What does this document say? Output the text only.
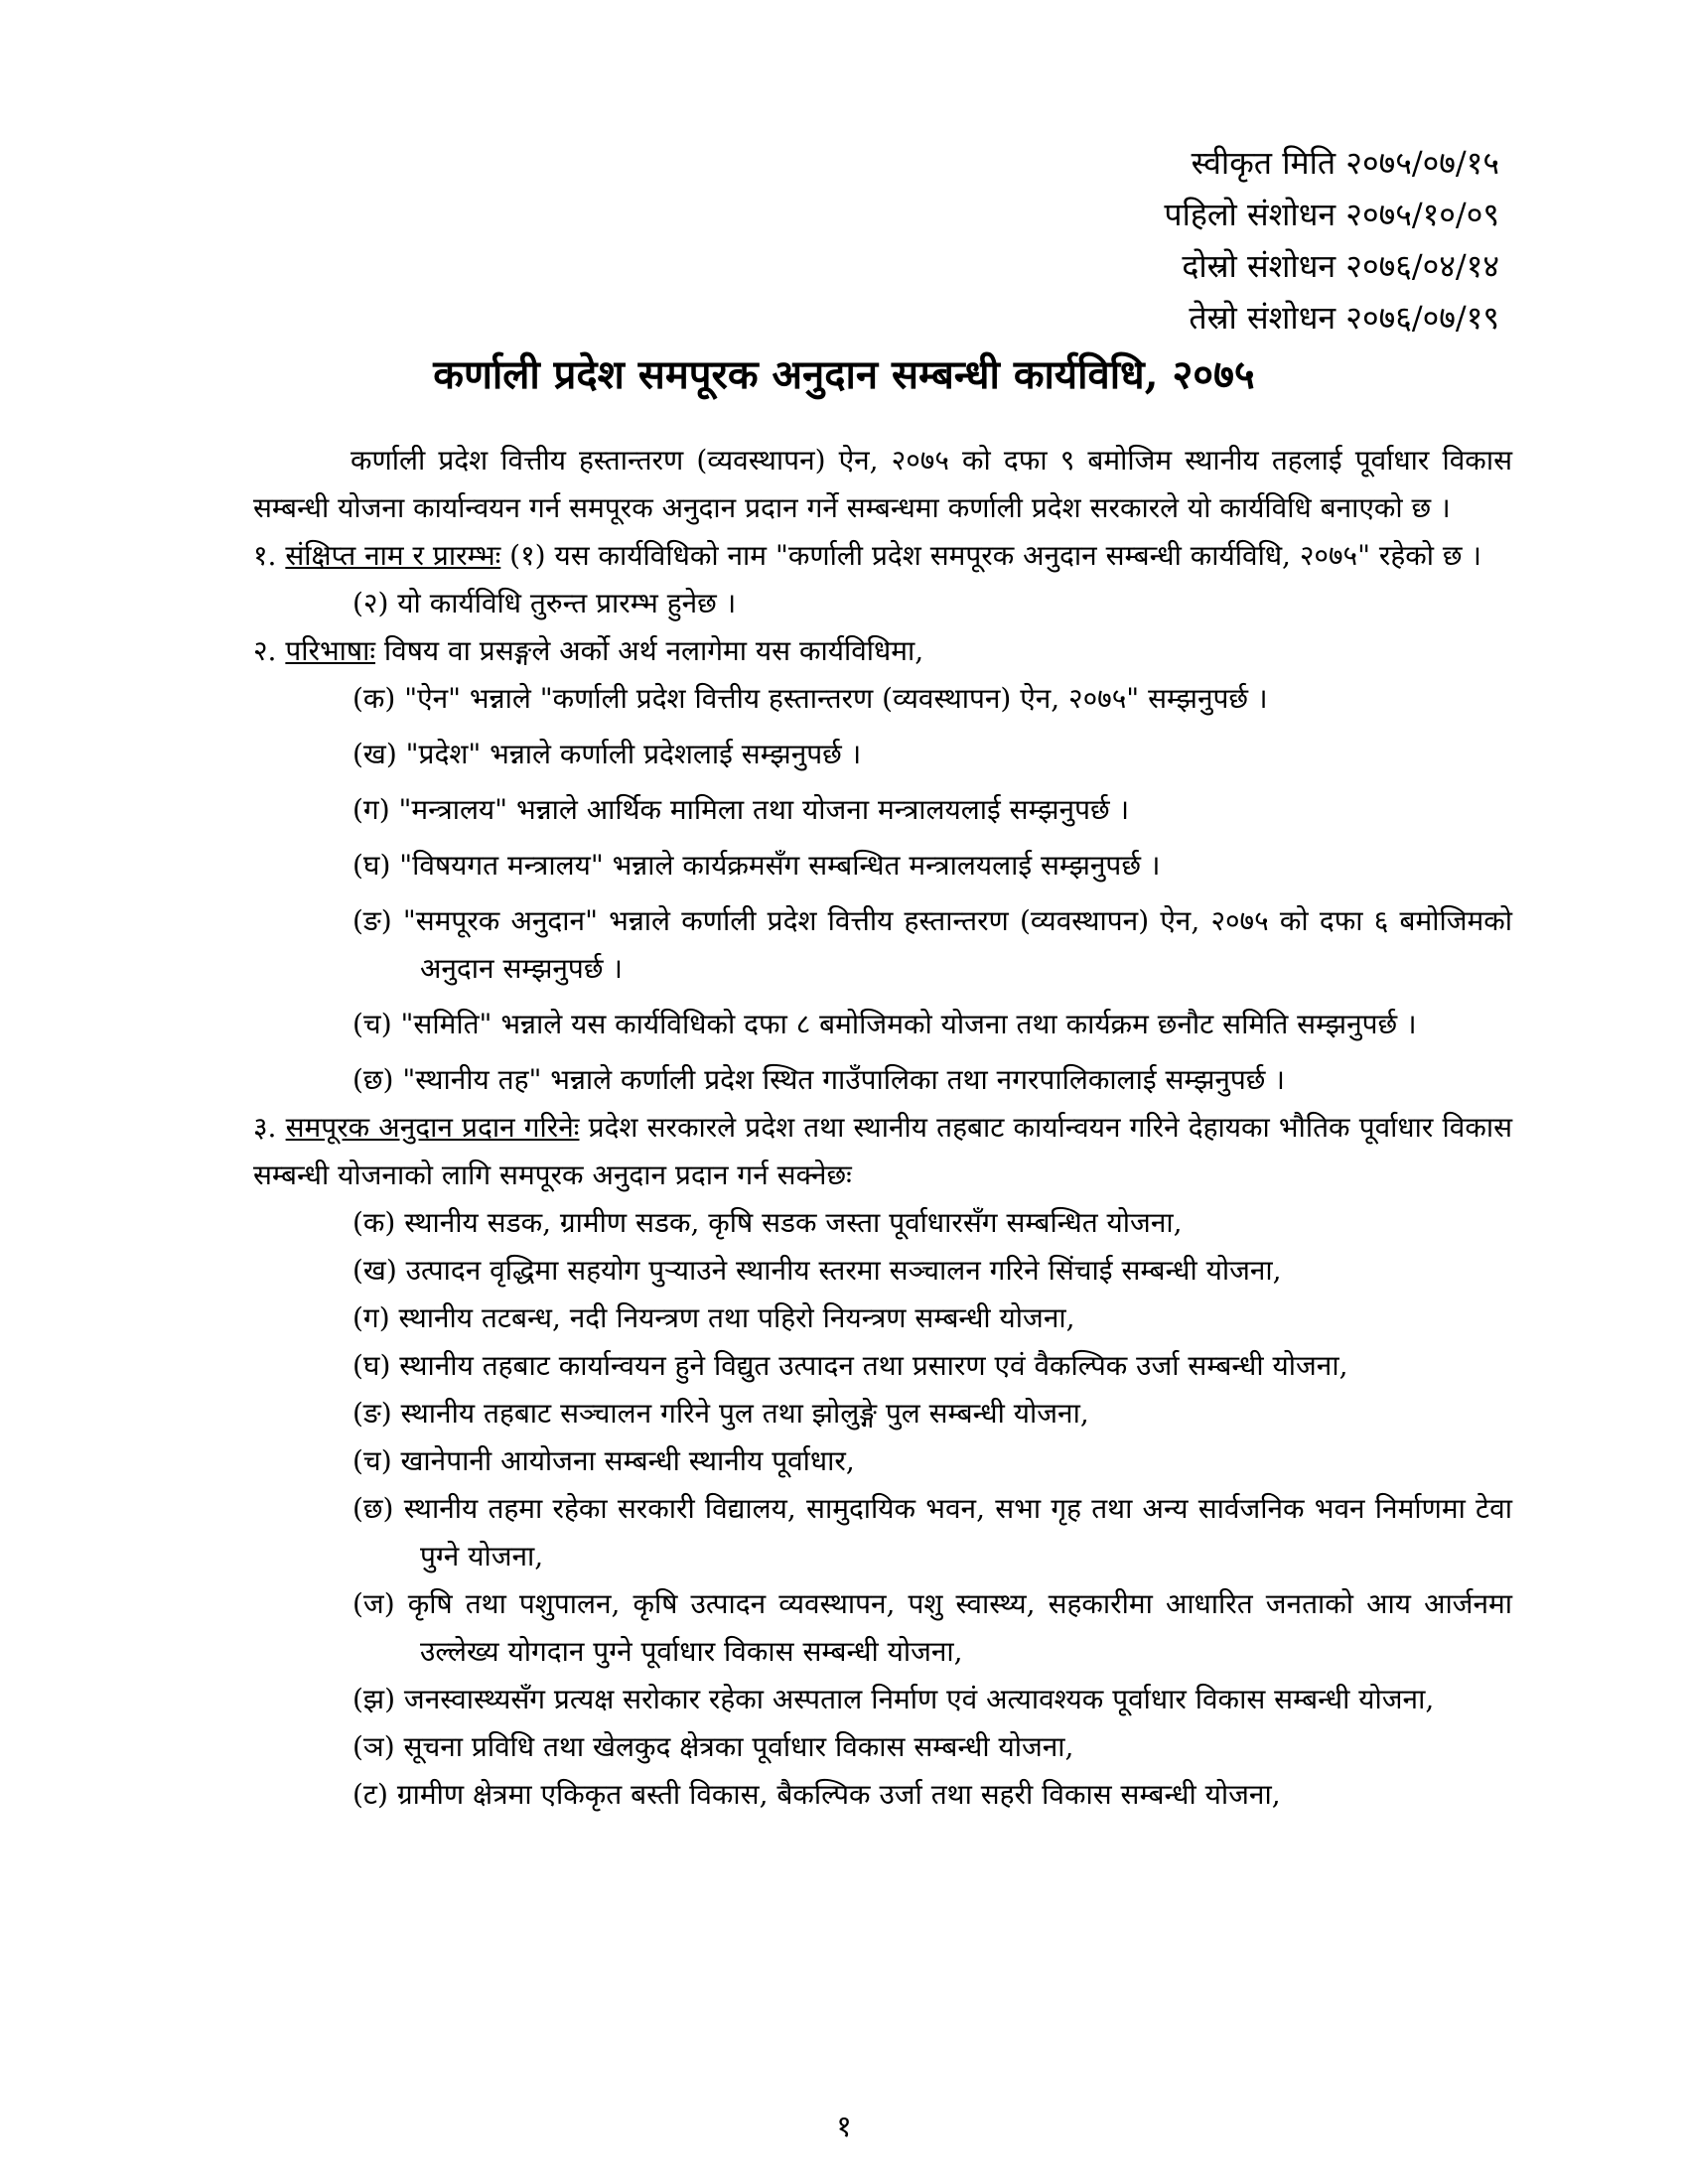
स्वीकृत मिति २०७५/०७/१५
पहिलो संशोधन २०७५/१०/०९
दोस्रो संशोधन २०७६/०४/१४
तेस्रो संशोधन २०७६/०७/१९
कर्णाली प्रदेश समपूरक अनुदान सम्बन्धी कार्यविधि, २०७५

कर्णाली प्रदेश वित्तीय हस्तान्तरण (व्यवस्थापन) ऐन, २०७५ को दफा ९ बमोजिम स्थानीय तहलाई पूर्वाधार विकास सम्बन्धी योजना कार्यान्वयन गर्न समपूरक अनुदान प्रदान गर्ने सम्बन्धमा कर्णाली प्रदेश सरकारले यो कार्यविधि बनाएको छ ।

१. संक्षिप्त नाम र प्रारम्भः (१) यस कार्यविधिको नाम "कर्णाली प्रदेश समपूरक अनुदान सम्बन्धी कार्यविधि, २०७५" रहेको छ ।

(२) यो कार्यविधि तुरुन्त प्रारम्भ हुनेछ ।

२. परिभाषाः विषय वा प्रसङ्गले अर्को अर्थ नलागेमा यस कार्यविधिमा,

(क) "ऐन" भन्नाले "कर्णाली प्रदेश वित्तीय हस्तान्तरण (व्यवस्थापन) ऐन, २०७५" सम्झनुपर्छ ।

(ख) "प्रदेश" भन्नाले कर्णाली प्रदेशलाई सम्झनुपर्छ ।

(ग) "मन्त्रालय" भन्नाले आर्थिक मामिला तथा योजना मन्त्रालयलाई सम्झनुपर्छ ।

(घ) "विषयगत मन्त्रालय" भन्नाले कार्यक्रमसँग सम्बन्धित मन्त्रालयलाई सम्झनुपर्छ ।

(ङ) "समपूरक अनुदान" भन्नाले कर्णाली प्रदेश वित्तीय हस्तान्तरण (व्यवस्थापन) ऐन, २०७५ को दफा ६ बमोजिमको अनुदान सम्झनुपर्छ ।

(च) "समिति" भन्नाले यस कार्यविधिको दफा ८ बमोजिमको योजना तथा कार्यक्रम छनौट समिति सम्झनुपर्छ ।

(छ) "स्थानीय तह" भन्नाले कर्णाली प्रदेश स्थित गाउँपालिका तथा नगरपालिकालाई सम्झनुपर्छ ।

३. समपूरक अनुदान प्रदान गरिनेः प्रदेश सरकारले प्रदेश तथा स्थानीय तहबाट कार्यान्वयन गरिने देहायका भौतिक पूर्वाधार विकास सम्बन्धी योजनाको लागि समपूरक अनुदान प्रदान गर्न सक्नेछः

(क) स्थानीय सडक, ग्रामीण सडक, कृषि सडक जस्ता पूर्वाधारसँग सम्बन्धित योजना,

(ख) उत्पादन वृद्धिमा सहयोग पुर्‍याउने स्थानीय स्तरमा सञ्चालन गरिने सिंचाई सम्बन्धी योजना,

(ग) स्थानीय तटबन्ध, नदी नियन्त्रण तथा पहिरो नियन्त्रण सम्बन्धी योजना,

(घ) स्थानीय तहबाट कार्यान्वयन हुने विद्युत उत्पादन तथा प्रसारण एवं वैकल्पिक उर्जा सम्बन्धी योजना,

(ङ) स्थानीय तहबाट सञ्चालन गरिने पुल तथा झोलुङ्गे पुल सम्बन्धी योजना,

(च) खानेपानी आयोजना सम्बन्धी स्थानीय पूर्वाधार,

(छ) स्थानीय तहमा रहेका सरकारी विद्यालय, सामुदायिक भवन, सभा गृह तथा अन्य सार्वजनिक भवन निर्माणमा टेवा पुग्ने योजना,

(ज) कृषि तथा पशुपालन, कृषि उत्पादन व्यवस्थापन, पशु स्वास्थ्य, सहकारीमा आधारित जनताको आय आर्जनमा उल्लेख्य योगदान पुग्ने पूर्वाधार विकास सम्बन्धी योजना,

(झ) जनस्वास्थ्यसँग प्रत्यक्ष सरोकार रहेका अस्पताल निर्माण एवं अत्यावश्यक पूर्वाधार विकास सम्बन्धी योजना,

(ञ) सूचना प्रविधि तथा खेलकुद क्षेत्रका पूर्वाधार विकास सम्बन्धी योजना,

(ट) ग्रामीण क्षेत्रमा एकिकृत बस्ती विकास, बैकल्पिक उर्जा तथा सहरी विकास सम्बन्धी योजना,

१
